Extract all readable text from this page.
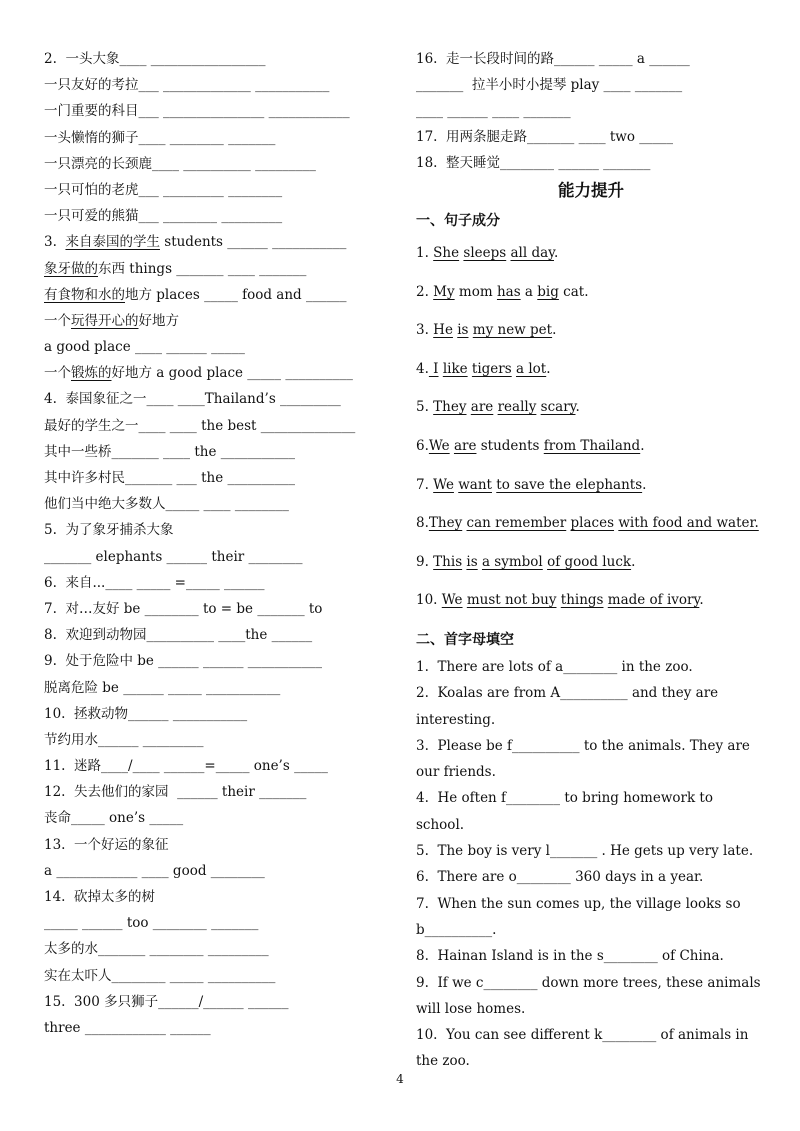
2.  一头大象____ _________________
一只友好的考拉___ _____________ ___________
一门重要的科目___ _______________ ____________
一头懒惰的狮子____ ________ _______
一只漂亮的长颈鹿____ __________ _________
一只可怕的老虎___ _________ ________
一只可爱的熊猫___ ________ _________
3.  来自泰国的学生 students ______ ___________
象牙做的东西 things _______ ____ _______
有食物和水的地方 places _____ food and ______
一个玩得开心的好地方
a good place ____ ______ _____
一个锻炼的好地方 a good place _____ __________
4.  泰国象征之一____ ____Thailand’s _________
最好的学生之一____ ____ the best ______________
其中一些桥_______ ____ the ___________
其中许多村民_______ ___ the __________
他们当中绝大多数人_____ ____ ________
5.  为了象牙捕杀大象
_______ elephants ______ their ________
6.  来自...____ _____ =_____ ______
7.  对…友好 be ________ to = be _______ to
8.  欢迎到动物园__________ ____the ______
9.  处于危险中 be ______ ______ ___________
脱离危险 be ______ _____ ___________
10.  拯救动物______ ___________
节约用水______ _________
11.  迷路____/____ ______=_____ one’s _____
12.  失去他们的家园  ______ their _______
丧命_____ one’s _____
13.  一个好运的象征
a ____________ ____ good ________
14.  砍掉太多的树
_____ ______ too ________ _______
太多的水_______ ________ _________
实在太吓人________ _____ __________
15.  300 多只狮子______/______ ______
three ____________ ______
16.  走一长段时间的路______ _____ a ______
_______  拉半小时小提琴 play ____ _______
____ ______ ____ _______
17.  用两条腿走路_______ ____ two _____
18.  整天睡觉________ ______ _______
能力提升
一、句子成分
1. She sleeps all day.
2. My mom has a big cat.
3. He is my new pet.
4. I like tigers a lot.
5. They are really scary.
6.We are students from Thailand.
7. We want to save the elephants.
8.They can remember places with food and water.
9. This is a symbol of good luck.
10. We must not buy things made of ivory.
二、首字母填空
1.  There are lots of a________ in the zoo.
2.  Koalas are from A__________ and they are
interesting.
3.  Please be f__________ to the animals. They are
our friends.
4.  He often f________ to bring homework to
school.
5.  The boy is very l_______ . He gets up very late.
6.  There are o________ 360 days in a year.
7.  When the sun comes up, the village looks so
b__________.
8.  Hainan Island is in the s________ of China.
9.  If we c________ down more trees, these animals
will lose homes.
10.  You can see different k________ of animals in
the zoo.
4
